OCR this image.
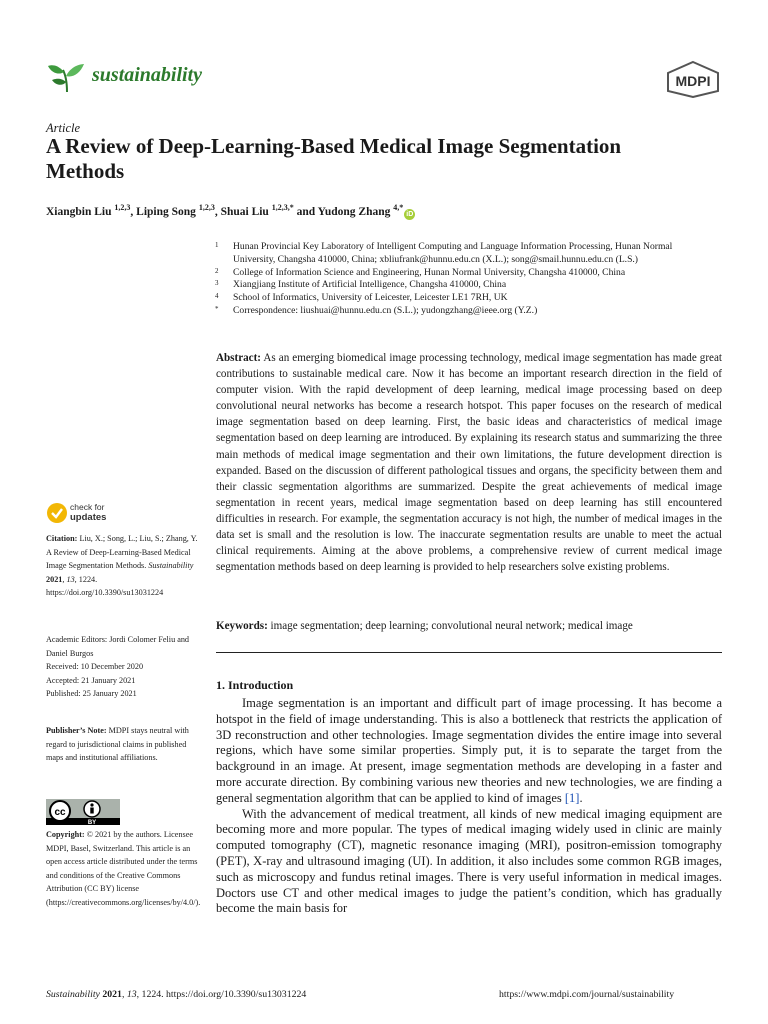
sustainability	MDPI
Article
A Review of Deep-Learning-Based Medical Image Segmentation Methods
Xiangbin Liu $^{1,2,3}$, Liping Song $^{1,2,3}$, Shuai Liu $^{1,2,3,*}$ and Yudong Zhang $^{4,*}$iD
1 Hunan Provincial Key Laboratory of Intelligent Computing and Language Information Processing, Hunan Normal University, Changsha 410000, China; xbliufrank@hunnu.edu.cn (X.L.); song@smail.hunnu.edu.cn (L.S.)
2 College of Information Science and Engineering, Hunan Normal University, Changsha 410000, China
3 Xiangjiang Institute of Artificial Intelligence, Changsha 410000, China
4 School of Informatics, University of Leicester, Leicester LE1 7RH, UK
* Correspondence: liushuai@hunnu.edu.cn (S.L.); yudongzhang@ieee.org (Y.Z.)
Abstract: As an emerging biomedical image processing technology, medical image segmentation has made great contributions to sustainable medical care. Now it has become an important research direction in the field of computer vision. With the rapid development of deep learning, medical image processing based on deep convolutional neural networks has become a research hotspot. This paper focuses on the research of medical image segmentation based on deep learning. First, the basic ideas and characteristics of medical image segmentation based on deep learning are introduced. By explaining its research status and summarizing the three main methods of medical image segmentation and their own limitations, the future development direction is expanded. Based on the discussion of different pathological tissues and organs, the specificity between them and their classic segmentation algorithms are summarized. Despite the great achievements of medical image segmentation in recent years, medical image segmentation based on deep learning has still encountered difficulties in research. For example, the segmentation accuracy is not high, the number of medical images in the data set is small and the resolution is low. The inaccurate segmentation results are unable to meet the actual clinical requirements. Aiming at the above problems, a comprehensive review of current medical image segmentation methods based on deep learning is provided to help researchers solve existing problems.
Keywords: image segmentation; deep learning; convolutional neural network; medical image
1. Introduction

Image segmentation is an important and difficult part of image processing. It has become a hotspot in the field of image understanding. This is also a bottleneck that restricts the application of 3D reconstruction and other technologies. Image segmentation divides the entire image into several regions, which have some similar properties. Simply put, it is to separate the target from the background in an image. At present, image segmentation methods are developing in a faster and more accurate direction. By combining various new theories and new technologies, we are finding a general segmentation algorithm that can be applied to kind of images [1].

With the advancement of medical treatment, all kinds of new medical imaging equipment are becoming more and more popular. The types of medical imaging widely used in clinic are mainly computed tomography (CT), magnetic resonance imaging (MRI), positron-emission tomography (PET), X-ray and ultrasound imaging (UI). In addition, it also includes some common RGB images, such as microscopy and fundus retinal images. There is very useful information in medical images. Doctors use CT and other medical images to judge the patient’s condition, which has gradually become the main basis for

check for
updates
Citation: Liu, X.; Song, L.; Liu, S.; Zhang, Y. A Review of Deep-Learning-Based Medical Image Segmentation Methods. Sustainability 2021, 13, 1224. https://doi.org/10.3390/su13031224
Academic Editors: Jordi Colomer Feliu and Daniel Burgos
Received: 10 December 2020
Accepted: 21 January 2021
Published: 25 January 2021
Publisher’s Note: MDPI stays neutral with regard to jurisdictional claims in published maps and institutional affiliations.
cc
BY
Copyright: © 2021 by the authors. Licensee MDPI, Basel, Switzerland. This article is an open access article distributed under the terms and conditions of the Creative Commons Attribution (CC BY) license (https://creativecommons.org/licenses/by/4.0/).
Sustainability 2021, 13, 1224. https://doi.org/10.3390/su13031224	https://www.mdpi.com/journal/sustainability
